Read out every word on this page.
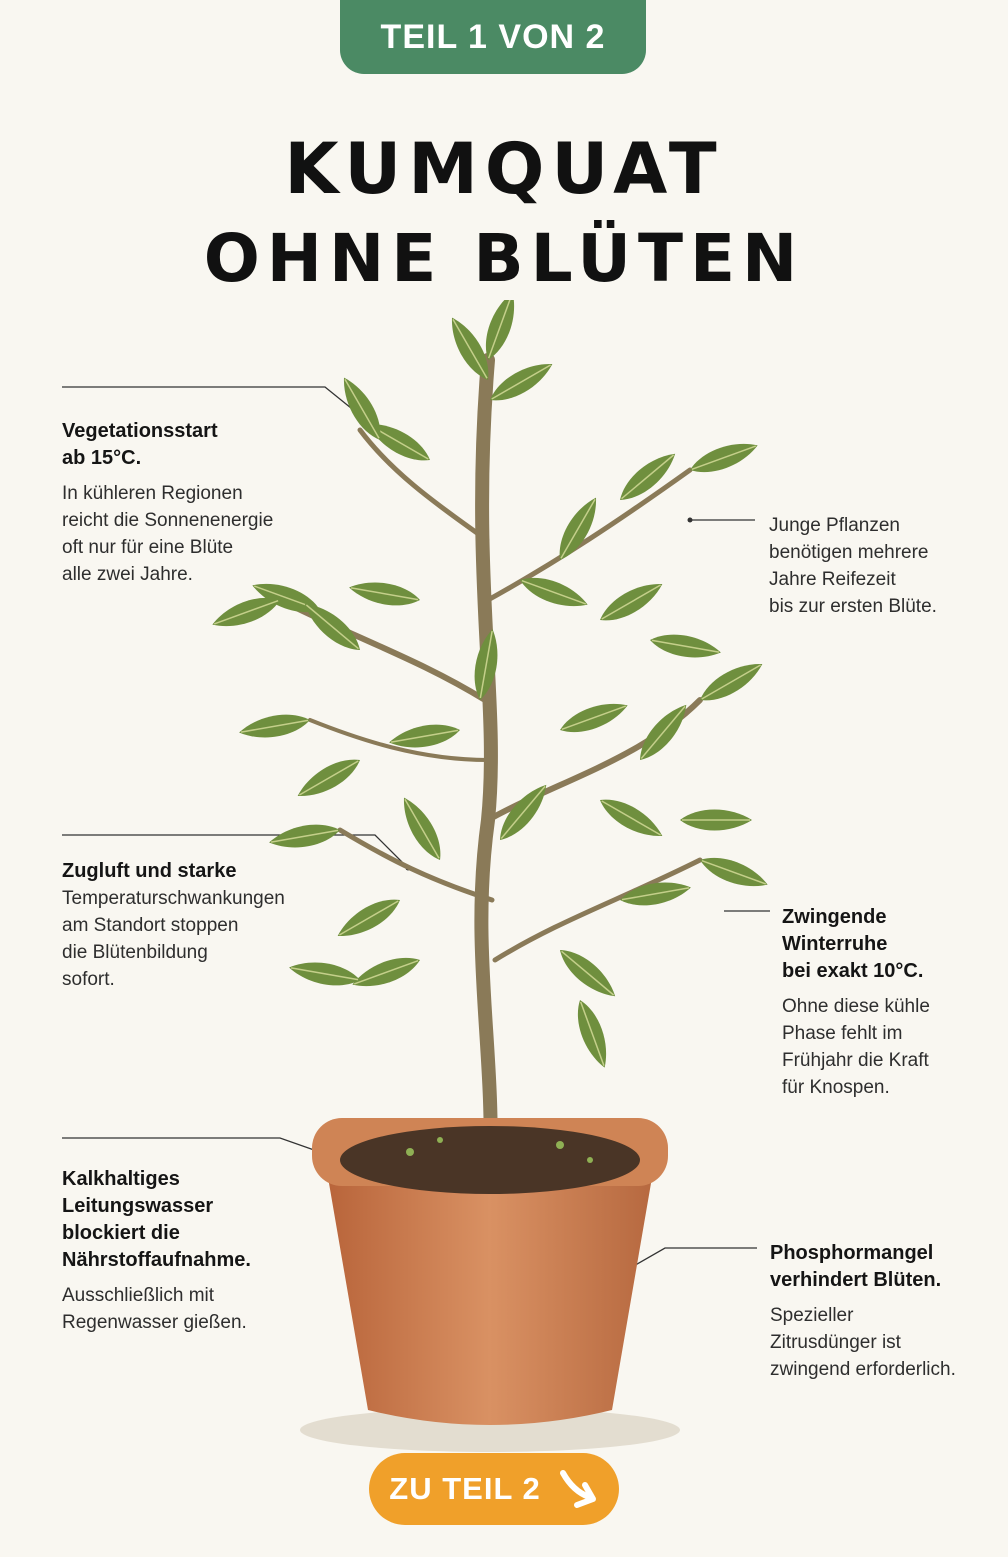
TEIL 1 VON 2
KUMQUAT
OHNE BLÜTEN
Vegetationsstart
ab 15°C.
In kühleren Regionen
reicht die Sonnenenergie
oft nur für eine Blüte
alle zwei Jahre.
Junge Pflanzen
benötigen mehrere
Jahre Reifezeit
bis zur ersten Blüte.
Zugluft und starke
Temperaturschwankungen
am Standort stoppen
die Blütenbildung
sofort.
Zwingende
Winterruhe
bei exakt 10°C.
Ohne diese kühle
Phase fehlt im
Frühjahr die Kraft
für Knospen.
Kalkhaltiges
Leitungswasser
blockiert die
Nährstoffaufnahme.
Ausschließlich mit
Regenwasser gießen.
Phosphormangel
verhindert Blüten.
Spezieller
Zitrusdünger ist
zwingend erforderlich.
ZU TEIL 2
